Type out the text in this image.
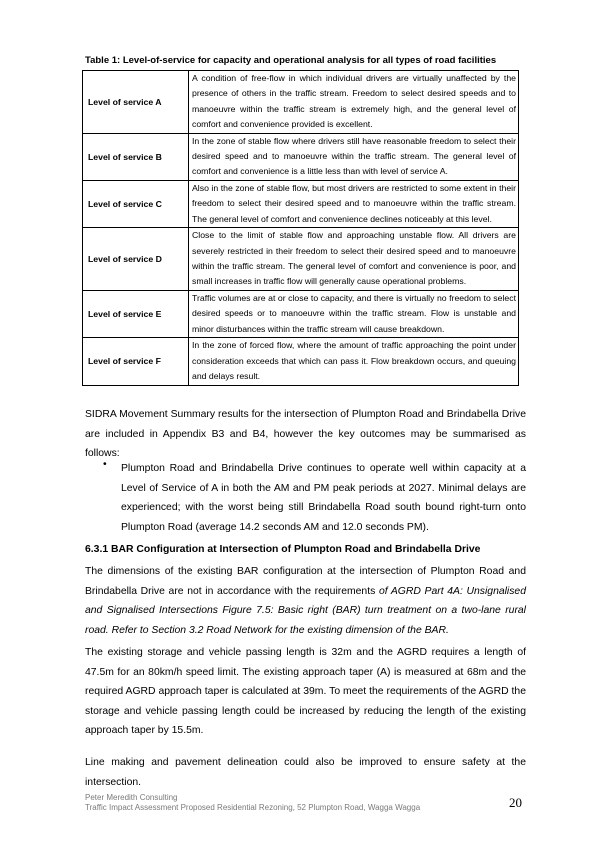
Table 1: Level-of-service for capacity and operational analysis for all types of road facilities
Level of service A	A condition of free-flow in which individual drivers are virtually unaffected by the presence of others in the traffic stream. Freedom to select desired speeds and to manoeuvre within the traffic stream is extremely high, and the general level of comfort and convenience provided is excellent.
Level of service B	In the zone of stable flow where drivers still have reasonable freedom to select their desired speed and to manoeuvre within the traffic stream. The general level of comfort and convenience is a little less than with level of service A.
Level of service C	Also in the zone of stable flow, but most drivers are restricted to some extent in their freedom to select their desired speed and to manoeuvre within the traffic stream. The general level of comfort and convenience declines noticeably at this level.
Level of service D	Close to the limit of stable flow and approaching unstable flow. All drivers are severely restricted in their freedom to select their desired speed and to manoeuvre within the traffic stream. The general level of comfort and convenience is poor, and small increases in traffic flow will generally cause operational problems.
Level of service E	Traffic volumes are at or close to capacity, and there is virtually no freedom to select desired speeds or to manoeuvre within the traffic stream. Flow is unstable and minor disturbances within the traffic stream will cause breakdown.
Level of service F	In the zone of forced flow, where the amount of traffic approaching the point under consideration exceeds that which can pass it. Flow breakdown occurs, and queuing and delays result.
SIDRA Movement Summary results for the intersection of Plumpton Road and Brindabella Drive are included in Appendix B3 and B4, however the key outcomes may be summarised as follows:
• Plumpton Road and Brindabella Drive continues to operate well within capacity at a Level of Service of A in both the AM and PM peak periods at 2027. Minimal delays are experienced; with the worst being still Brindabella Road south bound right-turn onto Plumpton Road (average 14.2 seconds AM and 12.0 seconds PM).
6.3.1 BAR Configuration at Intersection of Plumpton Road and Brindabella Drive
The dimensions of the existing BAR configuration at the intersection of Plumpton Road and Brindabella Drive are not in accordance with the requirements of AGRD Part 4A: Unsignalised and Signalised Intersections Figure 7.5: Basic right (BAR) turn treatment on a two-lane rural road. Refer to Section 3.2 Road Network for the existing dimension of the BAR.
The existing storage and vehicle passing length is 32m and the AGRD requires a length of 47.5m for an 80km/h speed limit. The existing approach taper (A) is measured at 68m and the required AGRD approach taper is calculated at 39m. To meet the requirements of the AGRD the storage and vehicle passing length could be increased by reducing the length of the existing approach taper by 15.5m.
Line making and pavement delineation could also be improved to ensure safety at the intersection.
Peter Meredith Consulting
Traffic Impact Assessment Proposed Residential Rezoning, 52 Plumpton Road, Wagga Wagga	20
